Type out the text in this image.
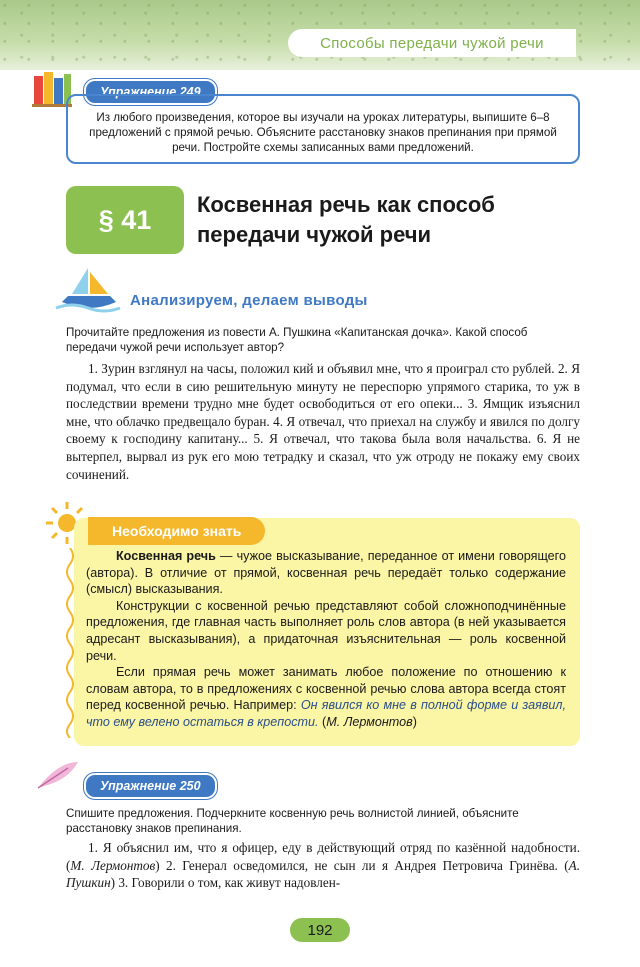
Способы передачи чужой речи
Упражнение 249
Из любого произведения, которое вы изучали на уроках литературы, выпишите 6–8 предложений с прямой речью. Объясните расстановку знаков препинания при прямой речи. Постройте схемы записанных вами предложений.
§ 41	Косвенная речь как способ
передачи чужой речи
Анализируем, делаем выводы
Прочитайте предложения из повести А. Пушкина «Капитанская дочка». Какой способ передачи чужой речи использует автор?
1. Зурин взглянул на часы, положил кий и объявил мне, что я проиграл сто рублей. 2. Я подумал, что если в сию решительную минуту не переспорю упрямого старика, то уж в последствии времени трудно мне будет освободиться от его опеки... 3. Ямщик изъяснил мне, что облачко предвещало буран. 4. Я отвечал, что приехал на службу и явился по долгу своему к господину капитану... 5. Я отвечал, что такова была воля начальства. 6. Я не вытерпел, вырвал из рук его мою тетрадку и сказал, что уж отроду не покажу ему своих сочинений.
Необходимо знать

Косвенная речь — чужое высказывание, переданное от имени говорящего (автора). В отличие от прямой, косвенная речь передаёт только содержание (смысл) высказывания.

Конструкции с косвенной речью представляют собой сложноподчинённые предложения, где главная часть выполняет роль слов автора (в ней указывается адресант высказывания), а придаточная изъяснительная — роль косвенной речи.

Если прямая речь может занимать любое положение по отношению к словам автора, то в предложениях с косвенной речью слова автора всегда стоят перед косвенной речью. Например: Он явился ко мне в полной форме и заявил, что ему велено остаться в крепости. (М. Лермонтов)

Упражнение 250
Спишите предложения. Подчеркните косвенную речь волнистой линией, объясните расстановку знаков препинания.
1. Я объяснил им, что я офицер, еду в действующий отряд по казённой надобности. (М. Лермонтов) 2. Генерал осведомился, не сын ли я Андрея Петровича Гринёва. (А. Пушкин) 3. Говорили о том, как живут надовлен-
192
